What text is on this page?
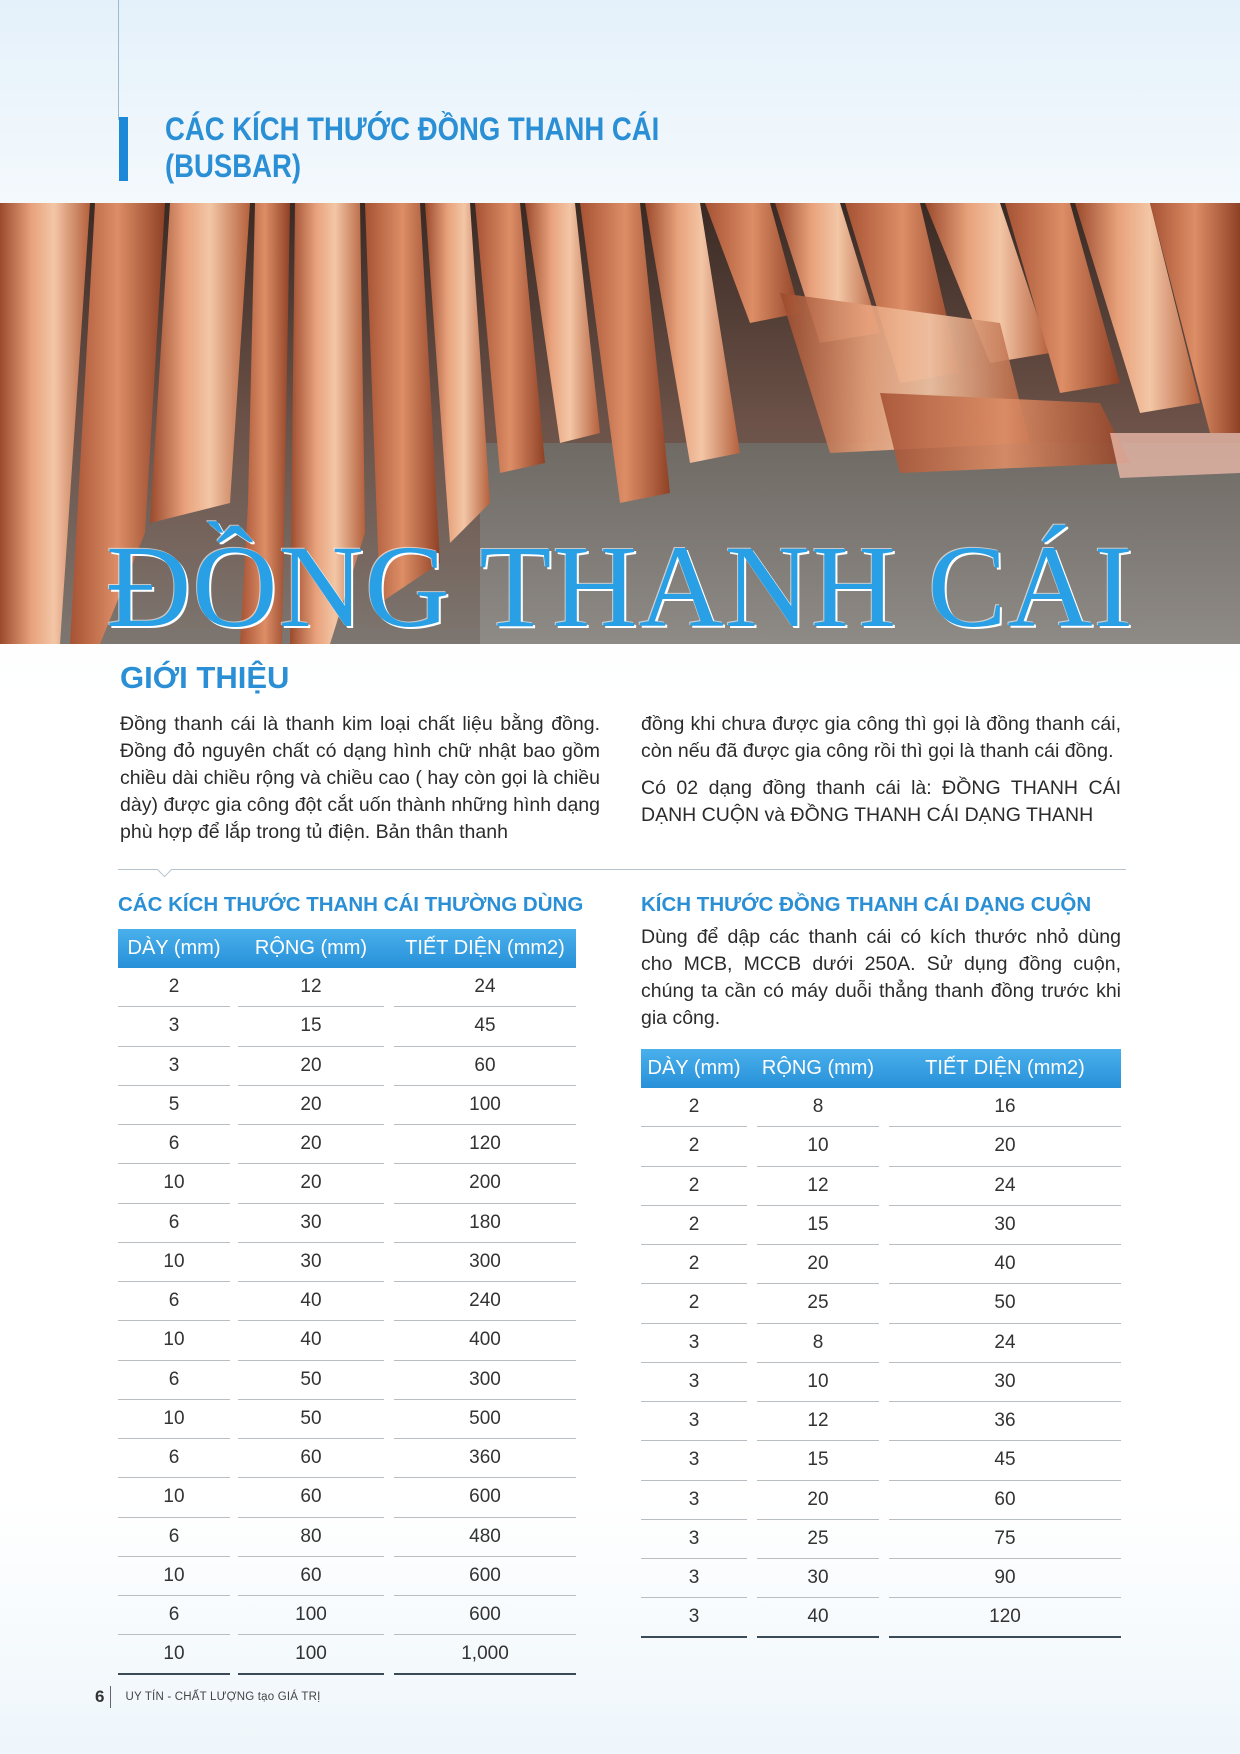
CÁC KÍCH THƯỚC ĐỒNG THANH CÁI
(BUSBAR)
ĐỒNG THANH CÁI
GIỚI THIỆU

Đồng thanh cái là thanh kim loại chất liệu bằng đồng. Đồng đỏ nguyên chất có dạng hình chữ nhật bao gồm chiều dài chiều rộng và chiều cao ( hay còn gọi là chiều dày) được gia công đột cắt uốn thành những hình dạng phù hợp để lắp trong tủ điện. Bản thân thanh

đồng khi chưa được gia công thì gọi là đồng thanh cái, còn nếu đã được gia công rồi thì gọi là thanh cái đồng.

Có 02 dạng đồng thanh cái là: ĐỒNG THANH CÁI DẠNH CUỘN và ĐỒNG THANH CÁI DẠNG THANH

CÁC KÍCH THƯỚC THANH CÁI THƯỜNG DÙNG
DÀY (mm)	RỘNG (mm)	TIẾT DIỆN (mm2)
2	12	24
3	15	45
3	20	60
5	20	100
6	20	120
10	20	200
6	30	180
10	30	300
6	40	240
10	40	400
6	50	300
10	50	500
6	60	360
10	60	600
6	80	480
10	60	600
6	100	600
10	100	1,000
KÍCH THƯỚC ĐỒNG THANH CÁI DẠNG CUỘN
Dùng để dập các thanh cái có kích thước nhỏ dùng cho MCB, MCCB dưới 250A. Sử dụng đồng cuộn, chúng ta cần có máy duỗi thẳng thanh đồng trước khi gia công.
DÀY (mm)	RỘNG (mm)	TIẾT DIỆN (mm2)
2	8	16
2	10	20
2	12	24
2	15	30
2	20	40
2	25	50
3	8	24
3	10	30
3	12	36
3	15	45
3	20	60
3	25	75
3	30	90
3	40	120
6 UY TÍN - CHẤT LƯỢNG tạo GIÁ TRỊ
